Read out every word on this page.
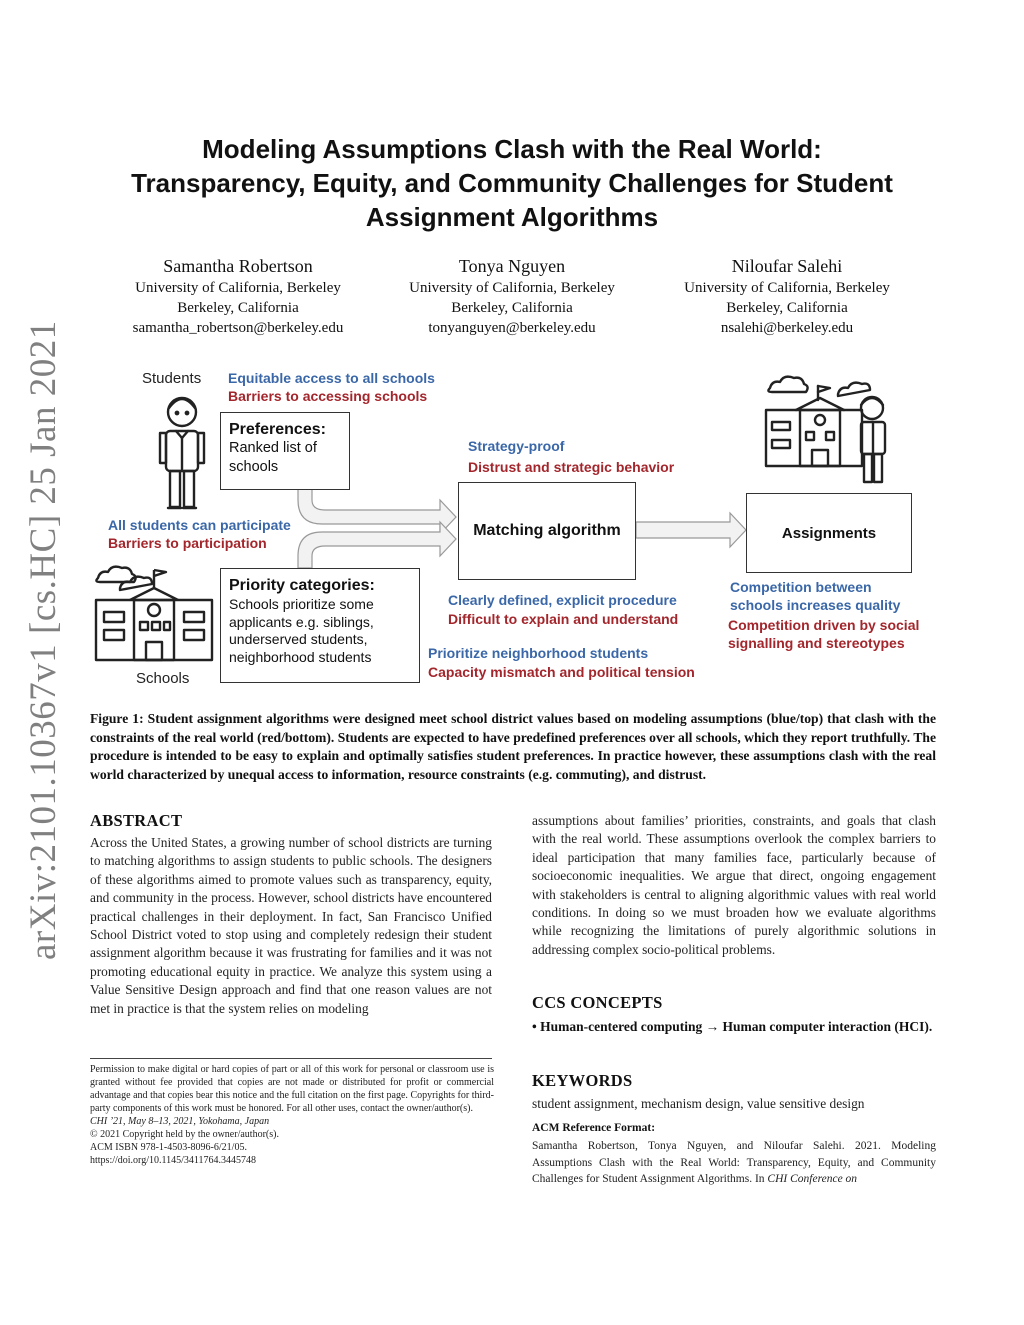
arXiv:2101.10367v1 [cs.HC] 25 Jan 2021
Modeling Assumptions Clash with the Real World:
Transparency, Equity, and Community Challenges for Student
Assignment Algorithms
Samantha Robertson
University of California, Berkeley
Berkeley, California
samantha_robertson@berkeley.edu
Tonya Nguyen
University of California, Berkeley
Berkeley, California
tonyanguyen@berkeley.edu
Niloufar Salehi
University of California, Berkeley
Berkeley, California
nsalehi@berkeley.edu
Students
Schools
Equitable access to all schools
Barriers to accessing schools
Preferences:
Ranked list of
schools
Strategy-proof
Distrust and strategic behavior
Matching algorithm	Assignments
All students can participate
Barriers to participation
Priority categories:
Schools prioritize some
applicants e.g. siblings,
underserved students,
neighborhood students
Clearly defined, explicit procedure
Difficult to explain and understand
Prioritize neighborhood students
Capacity mismatch and political tension
Competition between
schools increases quality
Competition driven by social
signalling and stereotypes
Figure 1: Student assignment algorithms were designed meet school district values based on modeling assumptions (blue/top) that clash with the constraints of the real world (red/bottom). Students are expected to have predefined preferences over all schools, which they report truthfully. The procedure is intended to be easy to explain and optimally satisfies student preferences. In practice however, these assumptions clash with the real world characterized by unequal access to information, resource constraints (e.g. commuting), and distrust.
ABSTRACT
Across the United States, a growing number of school districts are turning to matching algorithms to assign students to public schools. The designers of these algorithms aimed to promote values such as transparency, equity, and community in the process. However, school districts have encountered practical challenges in their deployment. In fact, San Francisco Unified School District voted to stop using and completely redesign their student assignment algorithm because it was frustrating for families and it was not promoting educational equity in practice. We analyze this system using a Value Sensitive Design approach and find that one reason values are not met in practice is that the system relies on modeling
assumptions about families’ priorities, constraints, and goals that clash with the real world. These assumptions overlook the complex barriers to ideal participation that many families face, particularly because of socioeconomic inequalities. We argue that direct, ongoing engagement with stakeholders is central to aligning algorithmic values with real world conditions. In doing so we must broaden how we evaluate algorithms while recognizing the limitations of purely algorithmic solutions in addressing complex socio-political problems.
Permission to make digital or hard copies of part or all of this work for personal or classroom use is granted without fee provided that copies are not made or distributed for profit or commercial advantage and that copies bear this notice and the full citation on the first page. Copyrights for third-party components of this work must be honored. For all other uses, contact the owner/author(s).
CHI ’21, May 8–13, 2021, Yokohama, Japan
© 2021 Copyright held by the owner/author(s).
ACM ISBN 978-1-4503-8096-6/21/05.
https://doi.org/10.1145/3411764.3445748
CCS CONCEPTS
• Human-centered computing → Human computer interaction (HCI).
KEYWORDS
student assignment, mechanism design, value sensitive design
ACM Reference Format:
Samantha Robertson, Tonya Nguyen, and Niloufar Salehi. 2021. Modeling Assumptions Clash with the Real World: Transparency, Equity, and Community Challenges for Student Assignment Algorithms. In CHI Conference on
